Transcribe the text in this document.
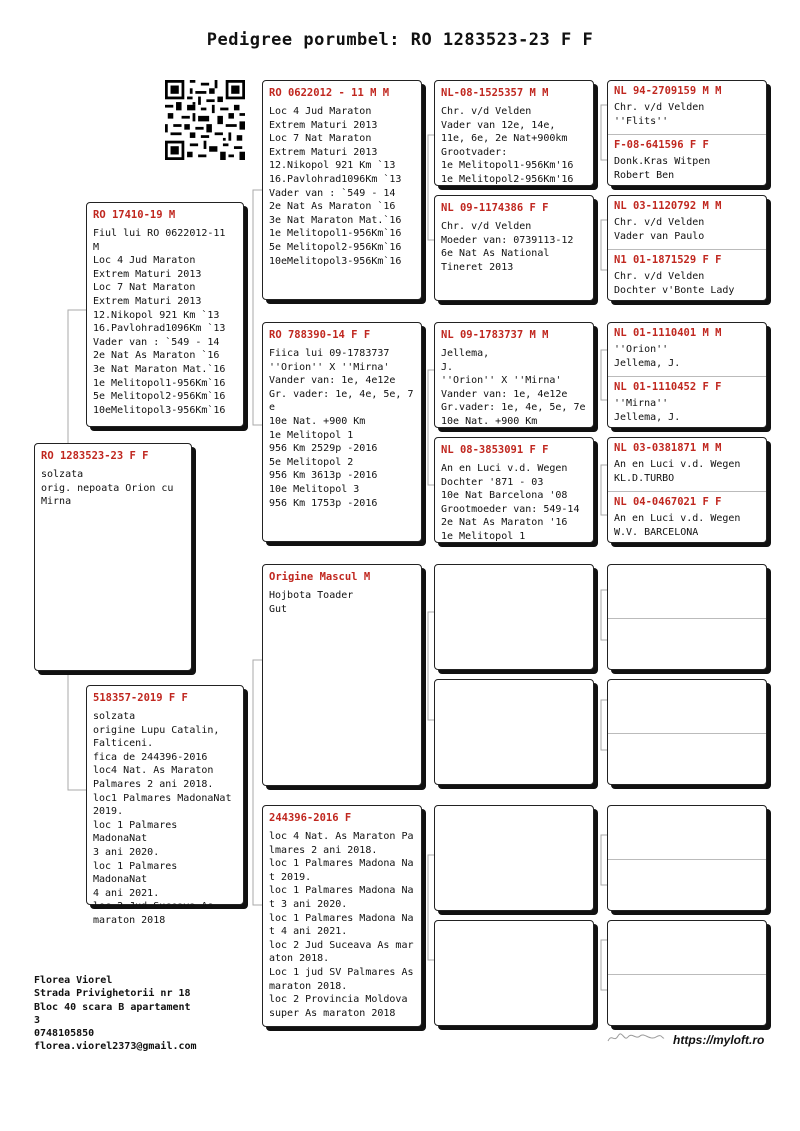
Pedigree porumbel: RO 1283523-23 F F
RO 1283523-23 F F
solzata
orig. nepoata Orion cu
Mirna
RO 17410-19 M
Fiul lui RO 0622012-11 M
Loc 4 Jud Maraton
Extrem Maturi 2013
Loc 7 Nat Maraton
Extrem Maturi 2013
12.Nikopol 921 Km `13
16.Pavlohrad1096Km `13
Vader van : `549 - 14
2e Nat As Maraton `16
3e Nat Maraton Mat.`16
1e Melitopol1-956Km`16
5e Melitopol2-956Km`16
10eMelitopol3-956Km`16
518357-2019 F F
solzata
origine Lupu Catalin,
Falticeni.
fica de 244396-2016
loc4 Nat. As Maraton
Palmares 2 ani 2018.
loc1 Palmares MadonaNat
2019.
loc 1 Palmares MadonaNat
3 ani 2020.
loc 1 Palmares MadonaNat
4 ani 2021.
loc 2 Jud Suceava As
maraton 2018
RO 0622012 - 11 M M
Loc 4 Jud Maraton
Extrem Maturi 2013
Loc 7 Nat Maraton
Extrem Maturi 2013
12.Nikopol 921 Km `13
16.Pavlohrad1096Km `13
Vader van : `549 - 14
2e Nat As Maraton `16
3e Nat Maraton Mat.`16
1e Melitopol1-956Km`16
5e Melitopol2-956Km`16
10eMelitopol3-956Km`16
RO 788390-14 F F
Fiica lui 09-1783737
''Orion'' X ''Mirna'
Vander van: 1e, 4e12e
Gr. vader: 1e, 4e, 5e, 7
e
10e Nat. +900 Km
1e Melitopol 1
956 Km 2529p -2016
5e Melitopol 2
956 Km 3613p -2016
10e Melitopol 3
956 Km 1753p -2016
Origine Mascul M
Hojbota Toader
Gut
244396-2016 F
loc 4 Nat. As Maraton Pa
lmares 2 ani 2018.
loc 1 Palmares Madona Na
t 2019.
loc 1 Palmares Madona Na
t 3 ani 2020.
loc 1 Palmares Madona Na
t 4 ani 2021.
loc 2 Jud Suceava As mar
aton 2018.
Loc 1 jud SV Palmares As
maraton 2018.
loc 2 Provincia Moldova
super As maraton 2018
NL-08-1525357 M M
Chr. v/d Velden
Vader van 12e, 14e,
11e, 6e, 2e Nat+900km
Grootvader:
1e Melitopol1-956Km'16
1e Melitopol2-956Km'16
NL 09-1174386 F F
Chr. v/d Velden
Moeder van: 0739113-12
6e Nat As National
Tineret 2013
NL 09-1783737 M M
Jellema,
J.
''Orion'' X ''Mirna'
Vander van: 1e, 4e12e
Gr.vader: 1e, 4e, 5e, 7e
10e Nat. +900 Km
NL 08-3853091 F F
An en Luci v.d. Wegen
Dochter '871 - 03
10e Nat Barcelona '08
Grootmoeder van: 549-14
2e Nat As Maraton '16
1e Melitopol 1
NL 94-2709159 M M
Chr. v/d Velden
''Flits''
F-08-641596 F F
Donk.Kras Witpen
Robert Ben
NL 03-1120792 M M
Chr. v/d Velden
Vader van Paulo
N1 01-1871529 F F
Chr. v/d Velden
Dochter v'Bonte Lady
NL 01-1110401 M M
''Orion''
Jellema, J.
NL 01-1110452 F F
''Mirna''
Jellema, J.
NL 03-0381871 M M
An en Luci v.d. Wegen
KL.D.TURBO
NL 04-0467021 F F
An en Luci v.d. Wegen
W.V. BARCELONA
Florea Viorel
Strada Privighetorii nr 18
Bloc 40 scara B apartament
3
0748105850
florea.viorel2373@gmail.com	https://myloft.ro
